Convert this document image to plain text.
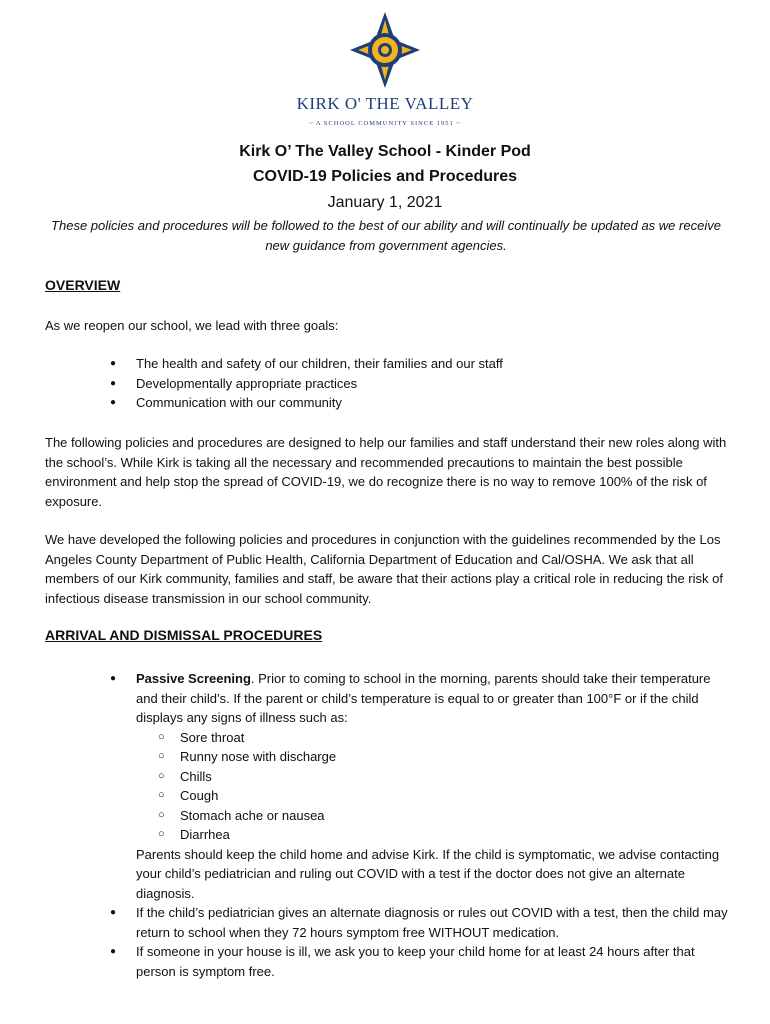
KIRK O' THE VALLEY
~ A SCHOOL COMMUNITY SINCE 1951 ~
Kirk O’ The Valley School - Kinder Pod
COVID-19 Policies and Procedures
January 1, 2021
These policies and procedures will be followed to the best of our ability and will continually be updated as we receive new guidance from government agencies.
OVERVIEW

As we reopen our school, we lead with three goals:

● The health and safety of our children, their families and our staff
● Developmentally appropriate practices
● Communication with our community

The following policies and procedures are designed to help our families and staff understand their new roles along with the school’s. While Kirk is taking all the necessary and recommended precautions to maintain the best possible environment and help stop the spread of COVID-19, we do recognize there is no way to remove 100% of the risk of exposure.

We have developed the following policies and procedures in conjunction with the guidelines recommended by the Los Angeles County Department of Public Health, California Department of Education and Cal/OSHA. We ask that all members of our Kirk community, families and staff, be aware that their actions play a critical role in reducing the risk of infectious disease transmission in our school community.

ARRIVAL AND DISMISSAL PROCEDURES
● Passive Screening. Prior to coming to school in the morning, parents should take their temperature and their child’s. If the parent or child’s temperature is equal to or greater than 100°F or if the child displays any signs of illness such as:
○ Sore throat
○ Runny nose with discharge
○ Chills
○ Cough
○ Stomach ache or nausea
○ Diarrhea
Parents should keep the child home and advise Kirk. If the child is symptomatic, we advise contacting your child’s pediatrician and ruling out COVID with a test if the doctor does not give an alternate diagnosis.
● If the child’s pediatrician gives an alternate diagnosis or rules out COVID with a test, then the child may return to school when they 72 hours symptom free WITHOUT medication.
● If someone in your house is ill, we ask you to keep your child home for at least 24 hours after that person is symptom free.
